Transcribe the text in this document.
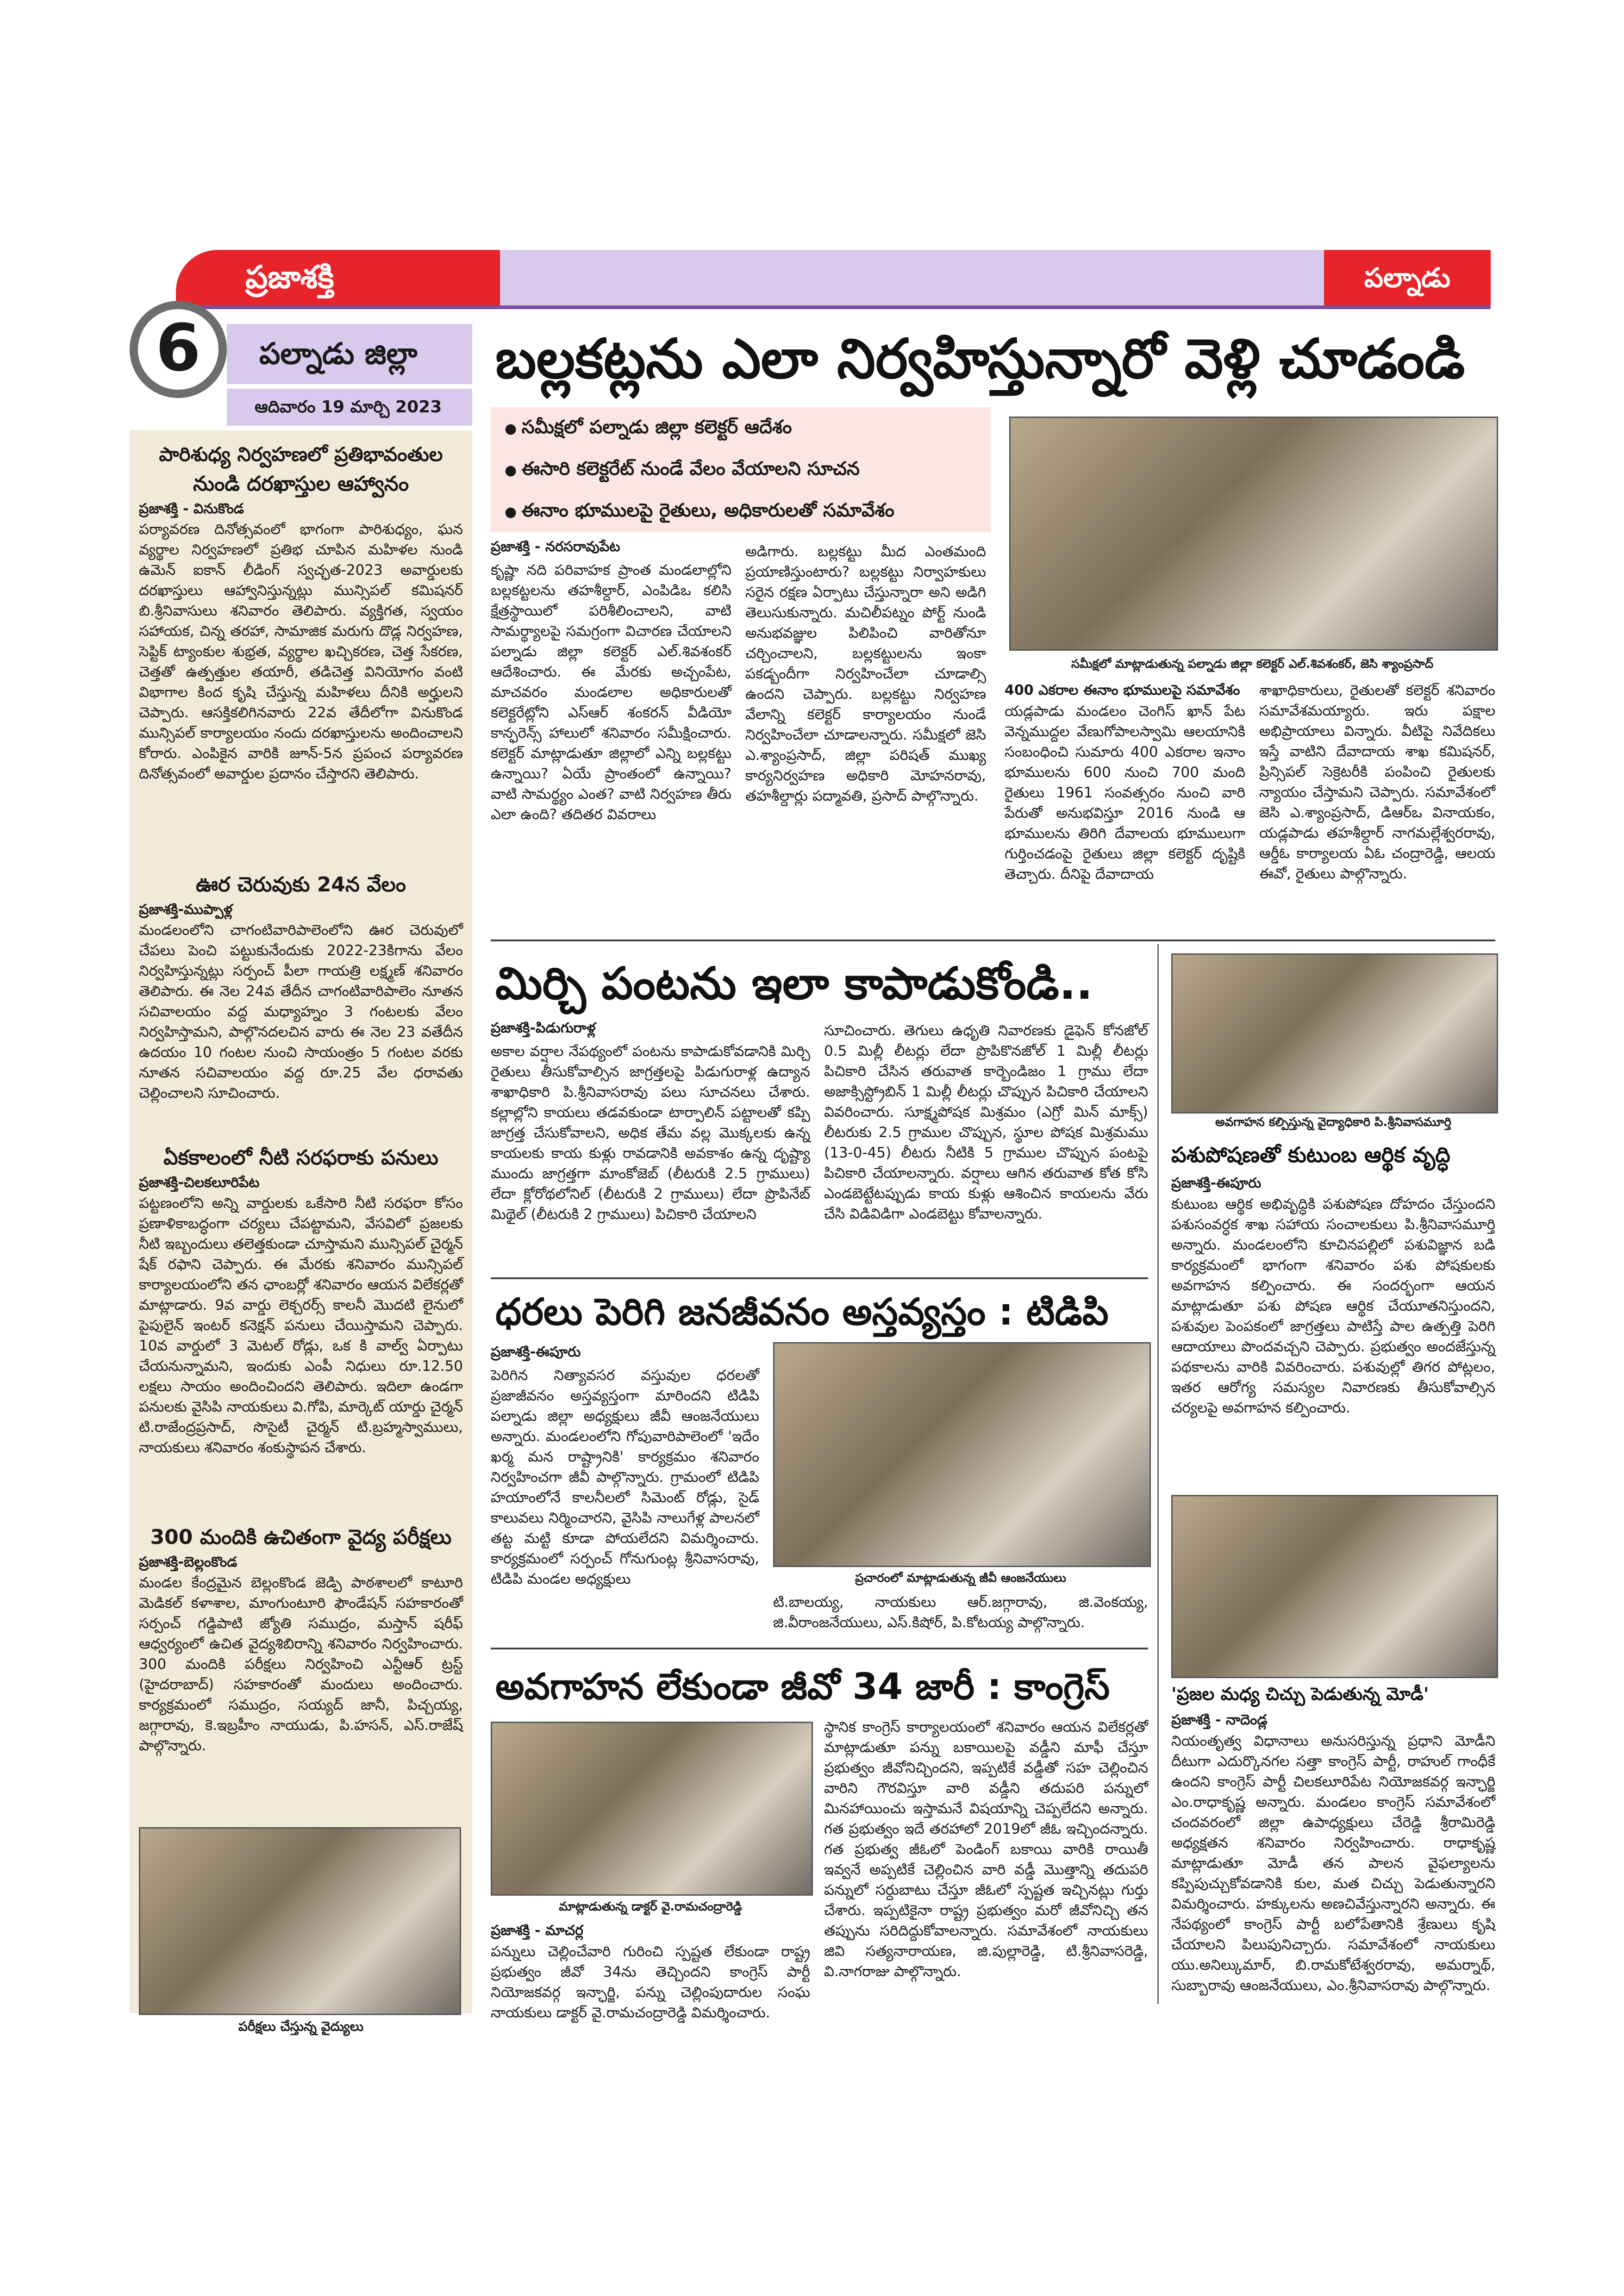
ప్రజాశక్తి	పల్నాడు
పల్నాడు జిల్లా
6
ఆదివారం 19 మార్చి 2023
పారిశుధ్య నిర్వహణలో ప్రతిభావంతుల
నుండి దరఖాస్తుల ఆహ్వానం
ప్రజాశక్తి - వినుకొండ
పర్యావరణ దినోత్సవంలో భాగంగా పారిశుధ్యం, ఘన వ్యర్థాల నిర్వహణలో ప్రతిభ చూపిన మహిళల నుండి ఉమెన్ ఐకాన్ లీడింగ్ స్వచ్ఛత-2023 అవార్డులకు దరఖాస్తులు ఆహ్వానిస్తున్నట్లు మున్సిపల్ కమిషనర్ బి.శ్రీనివాసులు శనివారం తెలిపారు. వ్యక్తిగత, స్వయం సహాయక, చిన్న తరహా, సామాజిక మరుగు దొడ్ల నిర్వహణ, సెప్టిక్ ట్యాంకుల శుభ్రత, వ్యర్థాల ఖచ్చికరణ, చెత్త సేకరణ, చెత్తతో ఉత్పత్తుల తయారీ, తడిచెత్త వినియోగం వంటి విభాగాల కింద కృషి చేస్తున్న మహిళలు దీనికి అర్హులని చెప్పారు. ఆసక్తికలిగినవారు 22వ తేదీలోగా వినుకొండ మున్సిపల్ కార్యాలయం నందు దరఖాస్తులను అందించాలని కోరారు. ఎంపికైన వారికి జూన్-5న ప్రపంచ పర్యావరణ దినోత్సవంలో అవార్డుల ప్రదానం చేస్తారని తెలిపారు.
ఊర చెరువుకు 24న వేలం
ప్రజాశక్తి-ముప్పాళ్ల
మండలంలోని చాగంటివారిపాలెంలోని ఊర చెరువులో చేపలు పెంచి పట్టుకునేందుకు 2022-23కిగాను వేలం నిర్వహిస్తున్నట్లు సర్పంచ్ పీలా గాయత్రి లక్ష్మణ్ శనివారం తెలిపారు. ఈ నెల 24వ తేదీన చాగంటివారిపాలెం నూతన సచివాలయం వద్ద మధ్యాహ్నం 3 గంటలకు వేలం నిర్వహిస్తామని, పాల్గొనదలచిన వారు ఈ నెల 23 వతేదీన ఉదయం 10 గంటల నుంచి సాయంత్రం 5 గంటల వరకు నూతన సచివాలయం వద్ద రూ.25 వేల ధరావతు చెల్లించాలని సూచించారు.
ఏకకాలంలో నీటి సరఫరాకు పనులు
ప్రజాశక్తి-చిలకలూరిపేట
పట్టణంలోని అన్ని వార్డులకు ఒకేసారి నీటి సరఫరా కోసం ప్రణాళికాబద్ధంగా చర్యలు చేపట్టామని, వేసవిలో ప్రజలకు నీటి ఇబ్బందులు తలెత్తకుండా చూస్తామని మున్సిపల్ చైర్మన్ షేక్ రఫాని చెప్పారు. ఈ మేరకు శనివారం మున్సిపల్ కార్యాలయంలోని తన ఛాంబర్లో శనివారం ఆయన విలేకర్లతో మాట్లాడారు. 9వ వార్డు లెక్చరర్స్ కాలనీ మొదటి లైనులో పైపులైన్ ఇంటర్ కనెక్షన్ పనులు చేయిస్తామని చెప్పారు. 10వ వార్డులో 3 మెటల్ రోడ్లు, ఒక కి వాల్వ్ ఏర్పాటు చేయనున్నామని, ఇందుకు ఎంపీ నిధులు రూ.12.50 లక్షలు సాయం అందించిందని తెలిపారు. ఇదిలా ఉండగా పనులకు వైసిపి నాయకులు వి.గోపి, మార్కెట్ యార్డు చైర్మన్ టి.రాజేంద్రప్రసాద్, సొసైటీ చైర్మన్ టి.బ్రహ్మస్వాములు, నాయకులు శనివారం శంకుస్థాపన చేశారు.
300 మందికి ఉచితంగా వైద్య పరీక్షలు
ప్రజాశక్తి-బెల్లంకొండ
మండల కేంద్రమైన బెల్లంకొండ జెడ్పి పాఠశాలలో కాటూరి మెడికల్ కళాశాల, మాంగుంటూరి ఫౌండేషన్ సహకారంతో సర్పంచ్ గడ్డిపాటి జ్యోతి సముద్రం, మస్తాన్ షరీఫ్ ఆధ్వర్యంలో ఉచిత వైద్యశిబిరాన్ని శనివారం నిర్వహించారు. 300 మందికి పరీక్షలు నిర్వహించి ఎన్టీఆర్ ట్రస్ట్ (హైదరాబాద్) సహకారంతో మందులు అందించారు. కార్యక్రమంలో సముద్రం, సయ్యద్ జానీ, పిచ్చయ్య, జగ్గారావు, కె.ఇబ్రహీం నాయుడు, పి.హసన్, ఎస్.రాజేష్ పాల్గొన్నారు.
పరీక్షలు చేస్తున్న వైద్యులు
బల్లకట్లను ఎలా నిర్వహిస్తున్నారో వెళ్లి చూడండి
● సమీక్షలో పల్నాడు జిల్లా కలెక్టర్ ఆదేశం
● ఈసారి కలెక్టరేట్ నుండే వేలం వేయాలని సూచన
● ఈనాం భూములపై రైతులు, అధికారులతో సమావేశం
ప్రజాశక్తి - నరసరావుపేట
కృష్ణా నది పరివాహక ప్రాంత మండలాల్లోని బల్లకట్టలను తహశీల్దార్, ఎంపిడిఒ కలిసి క్షేత్రస్థాయిలో పరిశీలించాలని, వాటి సామర్థ్యాలపై సమగ్రంగా విచారణ చేయాలని పల్నాడు జిల్లా కలెక్టర్ ఎల్.శివశంకర్ ఆదేశించారు. ఈ మేరకు అచ్చంపేట, మాచవరం మండలాల అధికారులతో కలెక్టరేట్లోని ఎస్ఆర్ శంకరన్ వీడియో కాన్ఫరెన్స్ హాలులో శనివారం సమీక్షించారు. కలెక్టర్ మాట్లాడుతూ జిల్లాలో ఎన్ని బల్లకట్టు ఉన్నాయి? ఏయే ప్రాంతంలో ఉన్నాయి? వాటి సామర్థ్యం ఎంత? వాటి నిర్వహణ తీరు ఎలా ఉంది? తదితర వివరాలు
అడిగారు. బల్లకట్టు మీద ఎంతమంది ప్రయాణిస్తుంటారు? బల్లకట్టు నిర్వాహకులు సరైన రక్షణ ఏర్పాటు చేస్తున్నారా అని అడిగి తెలుసుకున్నారు. మచిలీపట్నం పోర్ట్ నుండి అనుభవజ్ఞుల పిలిపించి వారితోనూ చర్చించాలని, బల్లకట్టులను ఇంకా పకడ్బందీగా నిర్వహించేలా చూడాల్సి ఉందని చెప్పారు. బల్లకట్టు నిర్వహణ వేలాన్ని కలెక్టర్ కార్యాలయం నుండే నిర్వహించేలా చూడాలన్నారు. సమీక్షలో జెసి ఎ.శ్యాంప్రసాద్, జిల్లా పరిషత్ ముఖ్య కార్యనిర్వహణ అధికారి మోహనరావు, తహశీల్దార్లు పద్మావతి, ప్రసాద్ పాల్గొన్నారు.
సమీక్షలో మాట్లాడుతున్న పల్నాడు జిల్లా కలెక్టర్ ఎల్.శివశంకర్, జెసి శ్యాంప్రసాద్
400 ఎకరాల ఈనాం భూములపై సమావేశం
యడ్లపాడు మండలం చెంగిస్ ఖాన్ పేట వెన్నముద్దల వేణుగోపాలస్వామి ఆలయానికి సంబంధించి సుమారు 400 ఎకరాల ఇనాం భూములను 600 నుంచి 700 మంది రైతులు 1961 సంవత్సరం నుంచి వారి పేరుతో అనుభవిస్తూ 2016 నుండి ఆ భూములను తిరిగి దేవాలయ భూములుగా గుర్తించడంపై రైతులు జిల్లా కలెక్టర్ దృష్టికి తెచ్చారు. దీనిపై దేవాదాయ
శాఖాధికారులు, రైతులతో కలెక్టర్ శనివారం సమావేశమయ్యారు. ఇరు పక్షాల అభిప్రాయాలు విన్నారు. వీటిపై నివేదికలు ఇస్తే వాటిని దేవాదాయ శాఖ కమిషనర్, ప్రిన్సిపల్ సెక్రెటరీకి పంపించి రైతులకు న్యాయం చేస్తామని చెప్పారు. సమావేశంలో జెసి ఎ.శ్యాంప్రసాద్, డిఆర్ఒ వినాయకం, యడ్లపాడు తహశీల్దార్ నాగమల్లేశ్వరరావు, ఆర్డీఓ కార్యాలయ ఏఓ చంద్రారెడ్డి, ఆలయ ఈవో, రైతులు పాల్గొన్నారు.
మిర్చి పంటను ఇలా కాపాడుకోండి..
ప్రజాశక్తి-పిడుగురాళ్ల
అకాల వర్షాల నేపథ్యంలో పంటను కాపాడుకోవడానికి మిర్చి రైతులు తీసుకోవాల్సిన జాగ్రత్తలపై పిడుగురాళ్ల ఉద్యాన శాఖాధికారి పి.శ్రీనివాసరావు పలు సూచనలు చేశారు. కల్లాల్లోని కాయలు తడవకుండా టార్పాలిన్ పట్టాలతో కప్పి జాగ్రత్త చేసుకోవాలని, అధిక తేమ వల్ల మొక్కలకు ఉన్న కాయలకు కాయ కుళ్లు రావడానికి అవకాశం ఉన్న దృష్ట్యా ముందు జాగ్రత్తగా మాంకోజెబ్ (లీటరుకి 2.5 గ్రాములు) లేదా క్లోరోథలోనిల్ (లీటరుకి 2 గ్రాములు) లేదా ప్రొపినేబ్ మిథైల్ (లీటరుకి 2 గ్రాములు) పిచికారి చేయాలని
సూచించారు. తెగులు ఉధృతి నివారణకు డైఫెన్ కోనజోల్ 0.5 మిల్లీ లీటర్లు లేదా ప్రొపికొనజోల్ 1 మిల్లీ లీటర్లు పిచికారి చేసిన తరువాత కార్బెండిజం 1 గ్రాము లేదా అజాక్సిస్ట్రోబిన్ 1 మిల్లీ లీటర్లు చొప్పున పిచికారి చేయాలని వివరించారు. సూక్ష్మపోషక మిశ్రమం (ఎగ్రో మిన్ మాక్స్) లీటరుకు 2.5 గ్రాముల చొప్పున, స్థూల పోషక మిశ్రమము (13-0-45) లీటరు నీటికి 5 గ్రాముల చొప్పున పంటపై పిచికారి చేయాలన్నారు. వర్షాలు ఆగిన తరువాత కోత కోసి ఎండబెట్టేటప్పుడు కాయ కుళ్లు ఆశించిన కాయలను వేరు చేసి విడివిడిగా ఎండబెట్టు కోవాలన్నారు.
అవగాహన కల్పిస్తున్న వైద్యాధికారి పి.శ్రీనివాసమూర్తి
పశుపోషణతో కుటుంబ ఆర్థిక వృద్ధి
ప్రజాశక్తి-ఈపూరు
కుటుంబ ఆర్థిక అభివృద్ధికి పశుపోషణ దోహదం చేస్తుందని పశుసంవర్ధక శాఖ సహాయ సంచాలకులు పి.శ్రీనివాసమూర్తి అన్నారు. మండలంలోని కూచినపల్లిలో పశువిజ్ఞాన బడి కార్యక్రమంలో భాగంగా శనివారం పశు పోషకులకు అవగాహన కల్పించారు. ఈ సందర్భంగా ఆయన మాట్లాడుతూ పశు పోషణ ఆర్థిక చేయూతనిస్తుందని, పశువుల పెంపకంలో జాగ్రత్తలు పాటిస్తే పాల ఉత్పత్తి పెరిగి ఆదాయాలు పొందవచ్చని చెప్పారు. ప్రభుత్వం అందజేస్తున్న పథకాలను వారికి వివరించారు. పశువుల్లో తిగర పోట్లలం, ఇతర ఆరోగ్య సమస్యల నివారణకు తీసుకోవాల్సిన చర్యలపై అవగాహన కల్పించారు.
ధరలు పెరిగి జనజీవనం అస్తవ్యస్తం : టిడిపి
ప్రజాశక్తి-ఈపూరు
పెరిగిన నిత్యావసర వస్తువుల ధరలతో ప్రజాజీవనం అస్తవ్యస్తంగా మారిందని టిడిపి పల్నాడు జిల్లా అధ్యక్షులు జీవీ ఆంజనేయులు అన్నారు. మండలంలోని గోపువారిపాలెంలో 'ఇదేం ఖర్మ మన రాష్ట్రానికి' కార్యక్రమం శనివారం నిర్వహించగా జీవీ పాల్గొన్నారు. గ్రామంలో టిడిపి హయాంలోనే కాలనీలలో సిమెంట్ రోడ్లు, సైడ్ కాలువలు నిర్మించారని, వైసిపి నాలుగేళ్ల పాలనలో తట్ట మట్టి కూడా పోయలేదని విమర్శించారు. కార్యక్రమంలో సర్పంచ్ గోనుగుంట్ల శ్రీనివాసరావు, టిడిపి మండల అధ్యక్షులు	ప్రచారంలో మాట్లాడుతున్న జీవీ ఆంజనేయులు
టి.బాలయ్య, నాయకులు ఆర్.జగ్గారావు, జి.వెంకయ్య, జి.వీరాంజనేయులు, ఎస్.కిషోర్, పి.కోటయ్య పాల్గొన్నారు.
అవగాహన లేకుండా జీవో 34 జారీ : కాంగ్రెస్
మాట్లాడుతున్న డాక్టర్ వై.రామచంద్రారెడ్డి
ప్రజాశక్తి - మాచర్ల
పన్నులు చెల్లించేవారి గురించి స్పష్టత లేకుండా రాష్ట్ర ప్రభుత్వం జీవో 34ను తెచ్చిందని కాంగ్రెస్ పార్టీ నియోజకవర్గ ఇన్ఛార్జి, పన్ను చెల్లింపుదారుల సంఘ నాయకులు డాక్టర్ వై.రామచంద్రారెడ్డి విమర్శించారు.
స్థానిక కాంగ్రెస్ కార్యాలయంలో శనివారం ఆయన విలేకర్లతో మాట్లాడుతూ పన్ను బకాయిలపై వడ్డీని మాఫీ చేస్తూ ప్రభుత్వం జీవోనిచ్చిందని, ఇప్పటికే వడ్డీతో సహ చెల్లించిన వారిని గౌరవిస్తూ వారి వడ్డీని తదుపరి పన్నులో మినహాయించు ఇస్తామనే విషయాన్ని చెప్పలేదని అన్నారు. గత ప్రభుత్వం ఇదే తరహాలో 2019లో జీఓ ఇచ్చిందన్నారు. గత ప్రభుత్వ జీఓలో పెండింగ్ బకాయి వారికి రాయితీ ఇవ్వనే అప్పటికే చెల్లించిన వారి వడ్డీ మొత్తాన్ని తదుపరి పన్నులో సర్దుబాటు చేస్తూ జీఓలో స్పష్టత ఇచ్చినట్లు గుర్తు చేశారు. ఇప్పటికైనా రాష్ట్ర ప్రభుత్వం మరో జీవోనిచ్చి తన తప్పును సరిదిద్దుకోవాలన్నారు. సమావేశంలో నాయకులు జివి సత్యనారాయణ, జి.పుల్లారెడ్డి, టి.శ్రీనివాసరెడ్డి, వి.నాగరాజు పాల్గొన్నారు.
'ప్రజల మధ్య చిచ్చు పెడుతున్న మోడీ'
ప్రజాశక్తి - నాదెండ్ల
నియంతృత్వ విధానాలు అనుసరిస్తున్న ప్రధాని మోడీని దీటుగా ఎదుర్కొనగల సత్తా కాంగ్రెస్ పార్టీ, రాహుల్ గాంధీకే ఉందని కాంగ్రెస్ పార్టీ చిలకలూరిపేట నియోజకవర్గ ఇన్ఛార్జి ఎం.రాధాకృష్ణ అన్నారు. మండలం కాంగ్రెస్ సమావేశంలో చందవరంలో జిల్లా ఉపాధ్యక్షులు చేరెడ్డి శ్రీరామిరెడ్డి అధ్యక్షతన శనివారం నిర్వహించారు. రాధాకృష్ణ మాట్లాడుతూ మోడీ తన పాలన వైఫల్యాలను కప్పిపుచ్చుకోవడానికి కుల, మత చిచ్చు పెడుతున్నారని విమర్శించారు. హక్కులను అణచివేస్తున్నారని అన్నారు. ఈ నేపథ్యంలో కాంగ్రెస్ పార్టీ బలోపేతానికి శ్రేణులు కృషి చేయాలని పిలుపునిచ్చారు. సమావేశంలో నాయకులు యు.అనిల్కుమార్, బి.రామకోటేశ్వరరావు, అమర్నాథ్, సుబ్బారావు ఆంజనేయులు, ఎం.శ్రీనివాసరావు పాల్గొన్నారు.
